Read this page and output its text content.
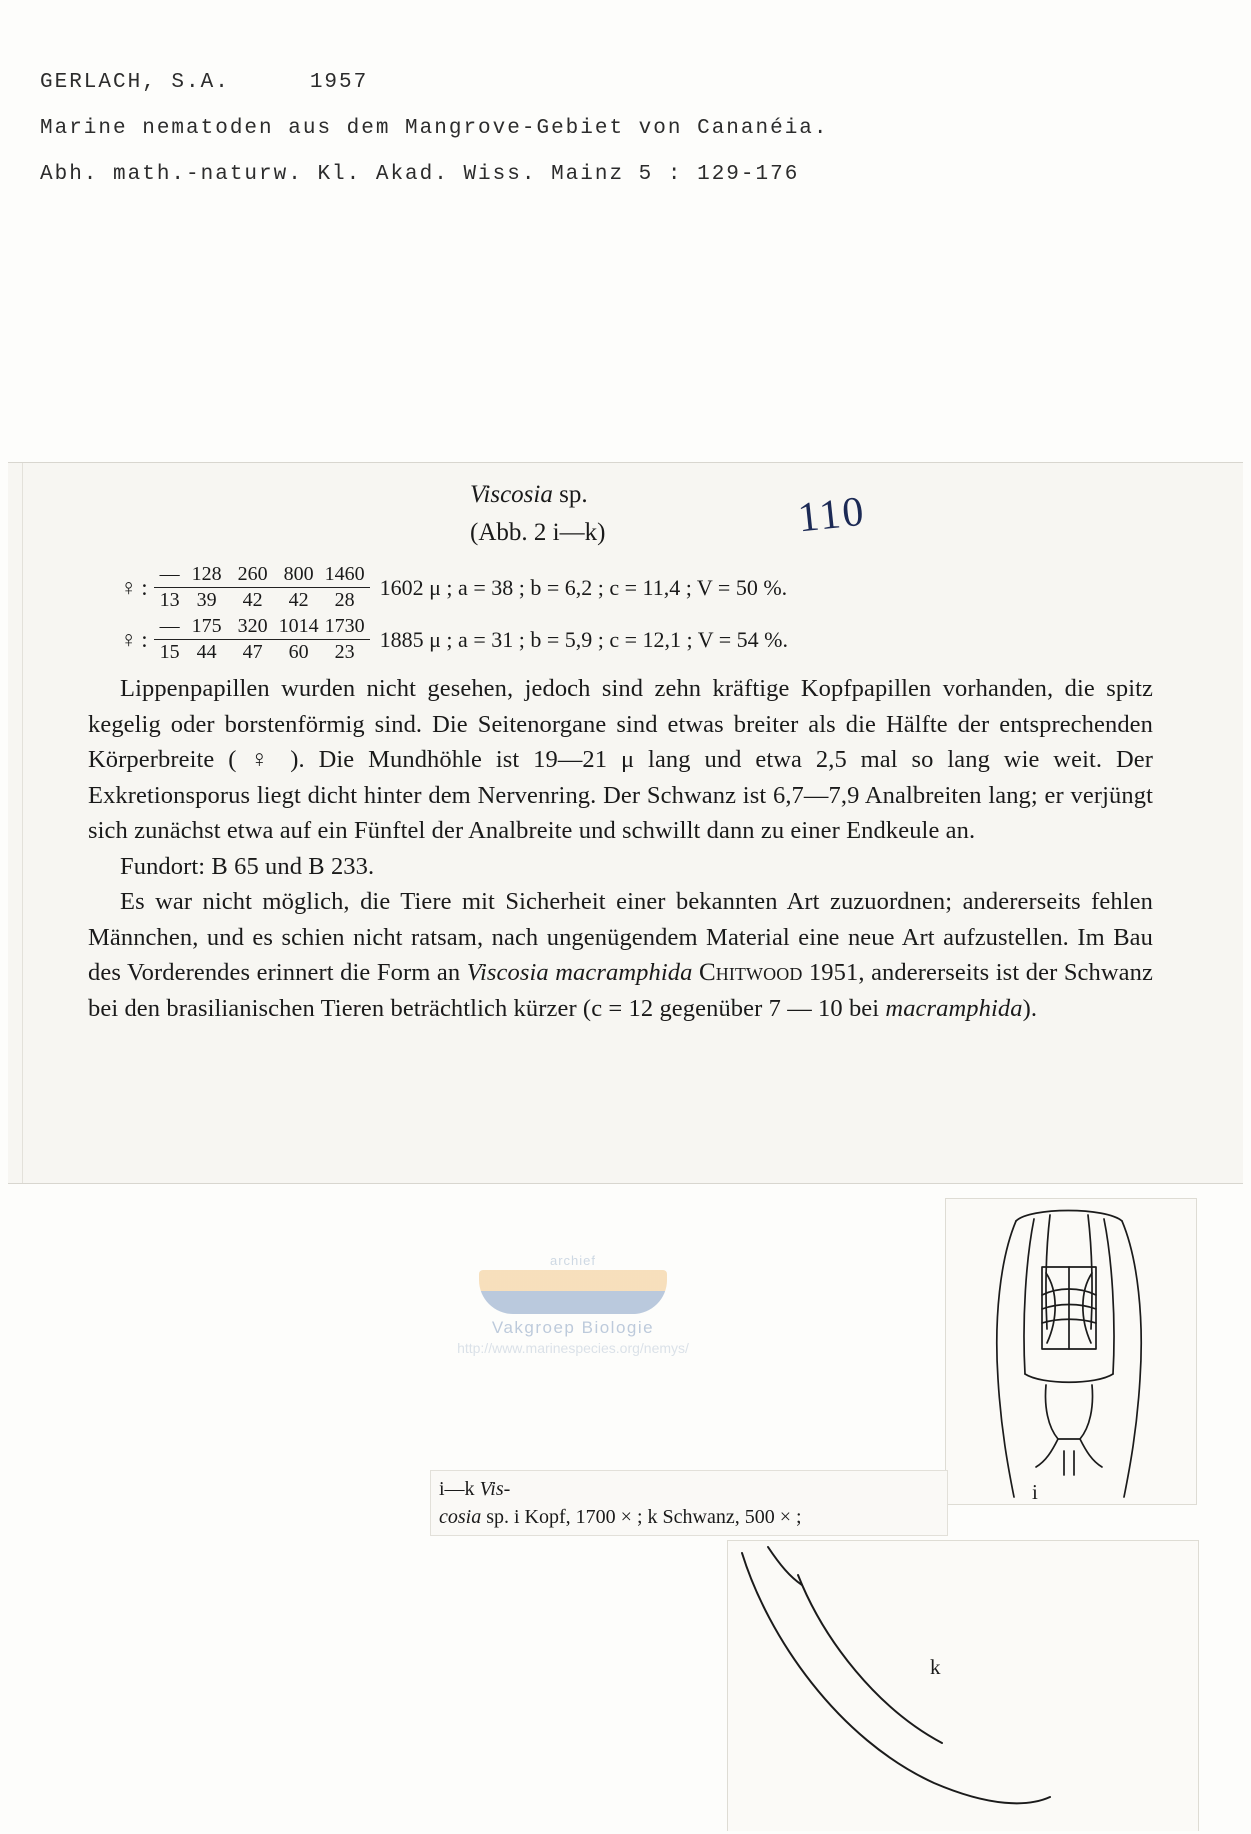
GERLACH, S.A.	1957
Marine nematoden aus dem Mangrove-Gebiet von Cananéia.
Abh. math.-naturw. Kl. Akad. Wiss. Mainz 5 : 129-176
Viscosia sp.
(Abb. 2 i—k)	110
♀ : — 128 260 800 1460
13 39	42	42	28 1602 μ ; a = 38 ; b = 6,2 ; c = 11,4 ; V = 50 %.
♀ : — 175 320 1014 1730
15 44	47	60	23 1885 μ ; a = 31 ; b = 5,9 ; c = 12,1 ; V = 54 %.

Lippenpapillen wurden nicht gesehen, jedoch sind zehn kräftige Kopfpapillen vorhanden, die spitz kegelig oder borstenförmig sind. Die Seitenorgane sind etwas breiter als die Hälfte der entsprechenden Körperbreite ( ♀ ). Die Mundhöhle ist 19—21 μ lang und etwa 2,5 mal so lang wie weit. Der Exkretionsporus liegt dicht hinter dem Nervenring. Der Schwanz ist 6,7—7,9 Analbreiten lang; er verjüngt sich zunächst etwa auf ein Fünftel der Analbreite und schwillt dann zu einer Endkeule an.

Fundort: B 65 und B 233.

Es war nicht möglich, die Tiere mit Sicherheit einer bekannten Art zuzuordnen; andererseits fehlen Männchen, und es schien nicht ratsam, nach ungenügendem Material eine neue Art aufzustellen. Im Bau des Vorderendes erinnert die Form an Viscosia macramphida Chitwood 1951, andererseits ist der Schwanz bei den brasilianischen Tieren beträchtlich kürzer (c = 12 gegenüber 7 — 10 bei macramphida).

archief
Vakgroep Biologie
http://www.marinespecies.org/nemys/
i
k
i—k Vis-
cosia sp. i Kopf, 1700 × ; k Schwanz, 500 × ;
